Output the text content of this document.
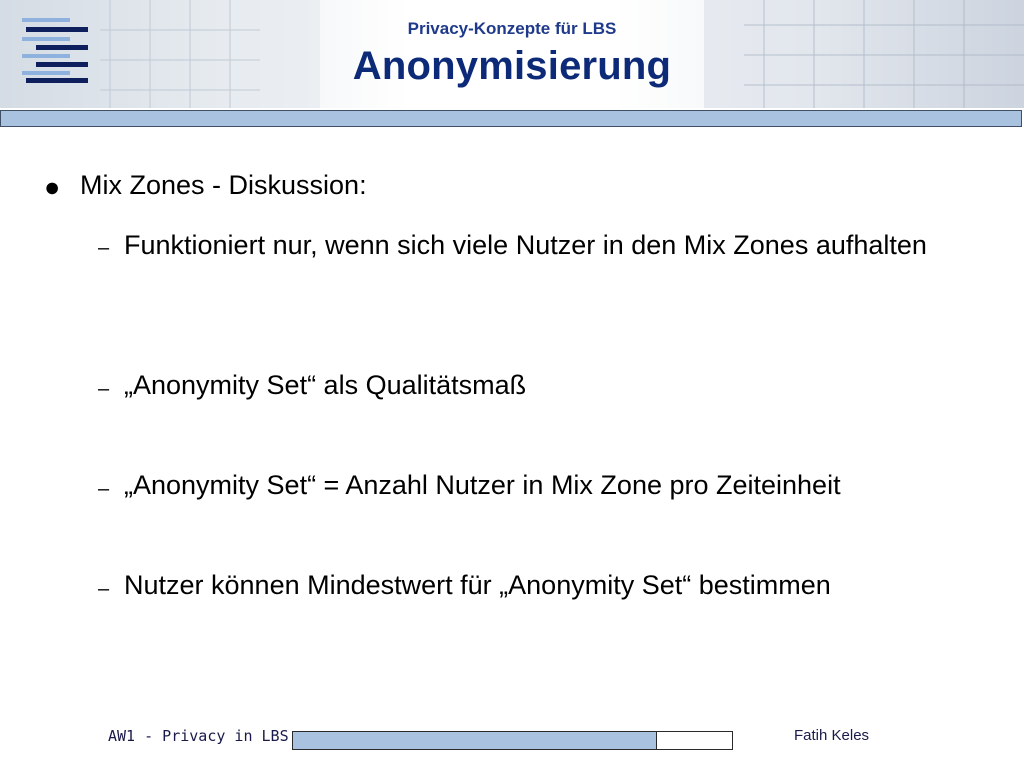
Privacy-Konzepte für LBS
Anonymisierung
● Mix Zones - Diskussion:
– Funktioniert nur, wenn sich viele Nutzer in den Mix Zones aufhalten
– „Anonymity Set“ als Qualitätsmaß
– „Anonymity Set“ = Anzahl Nutzer in Mix Zone pro Zeiteinheit
– Nutzer können Mindestwert für „Anonymity Set“ bestimmen
AW1 - Privacy in LBS	Fatih Keles
